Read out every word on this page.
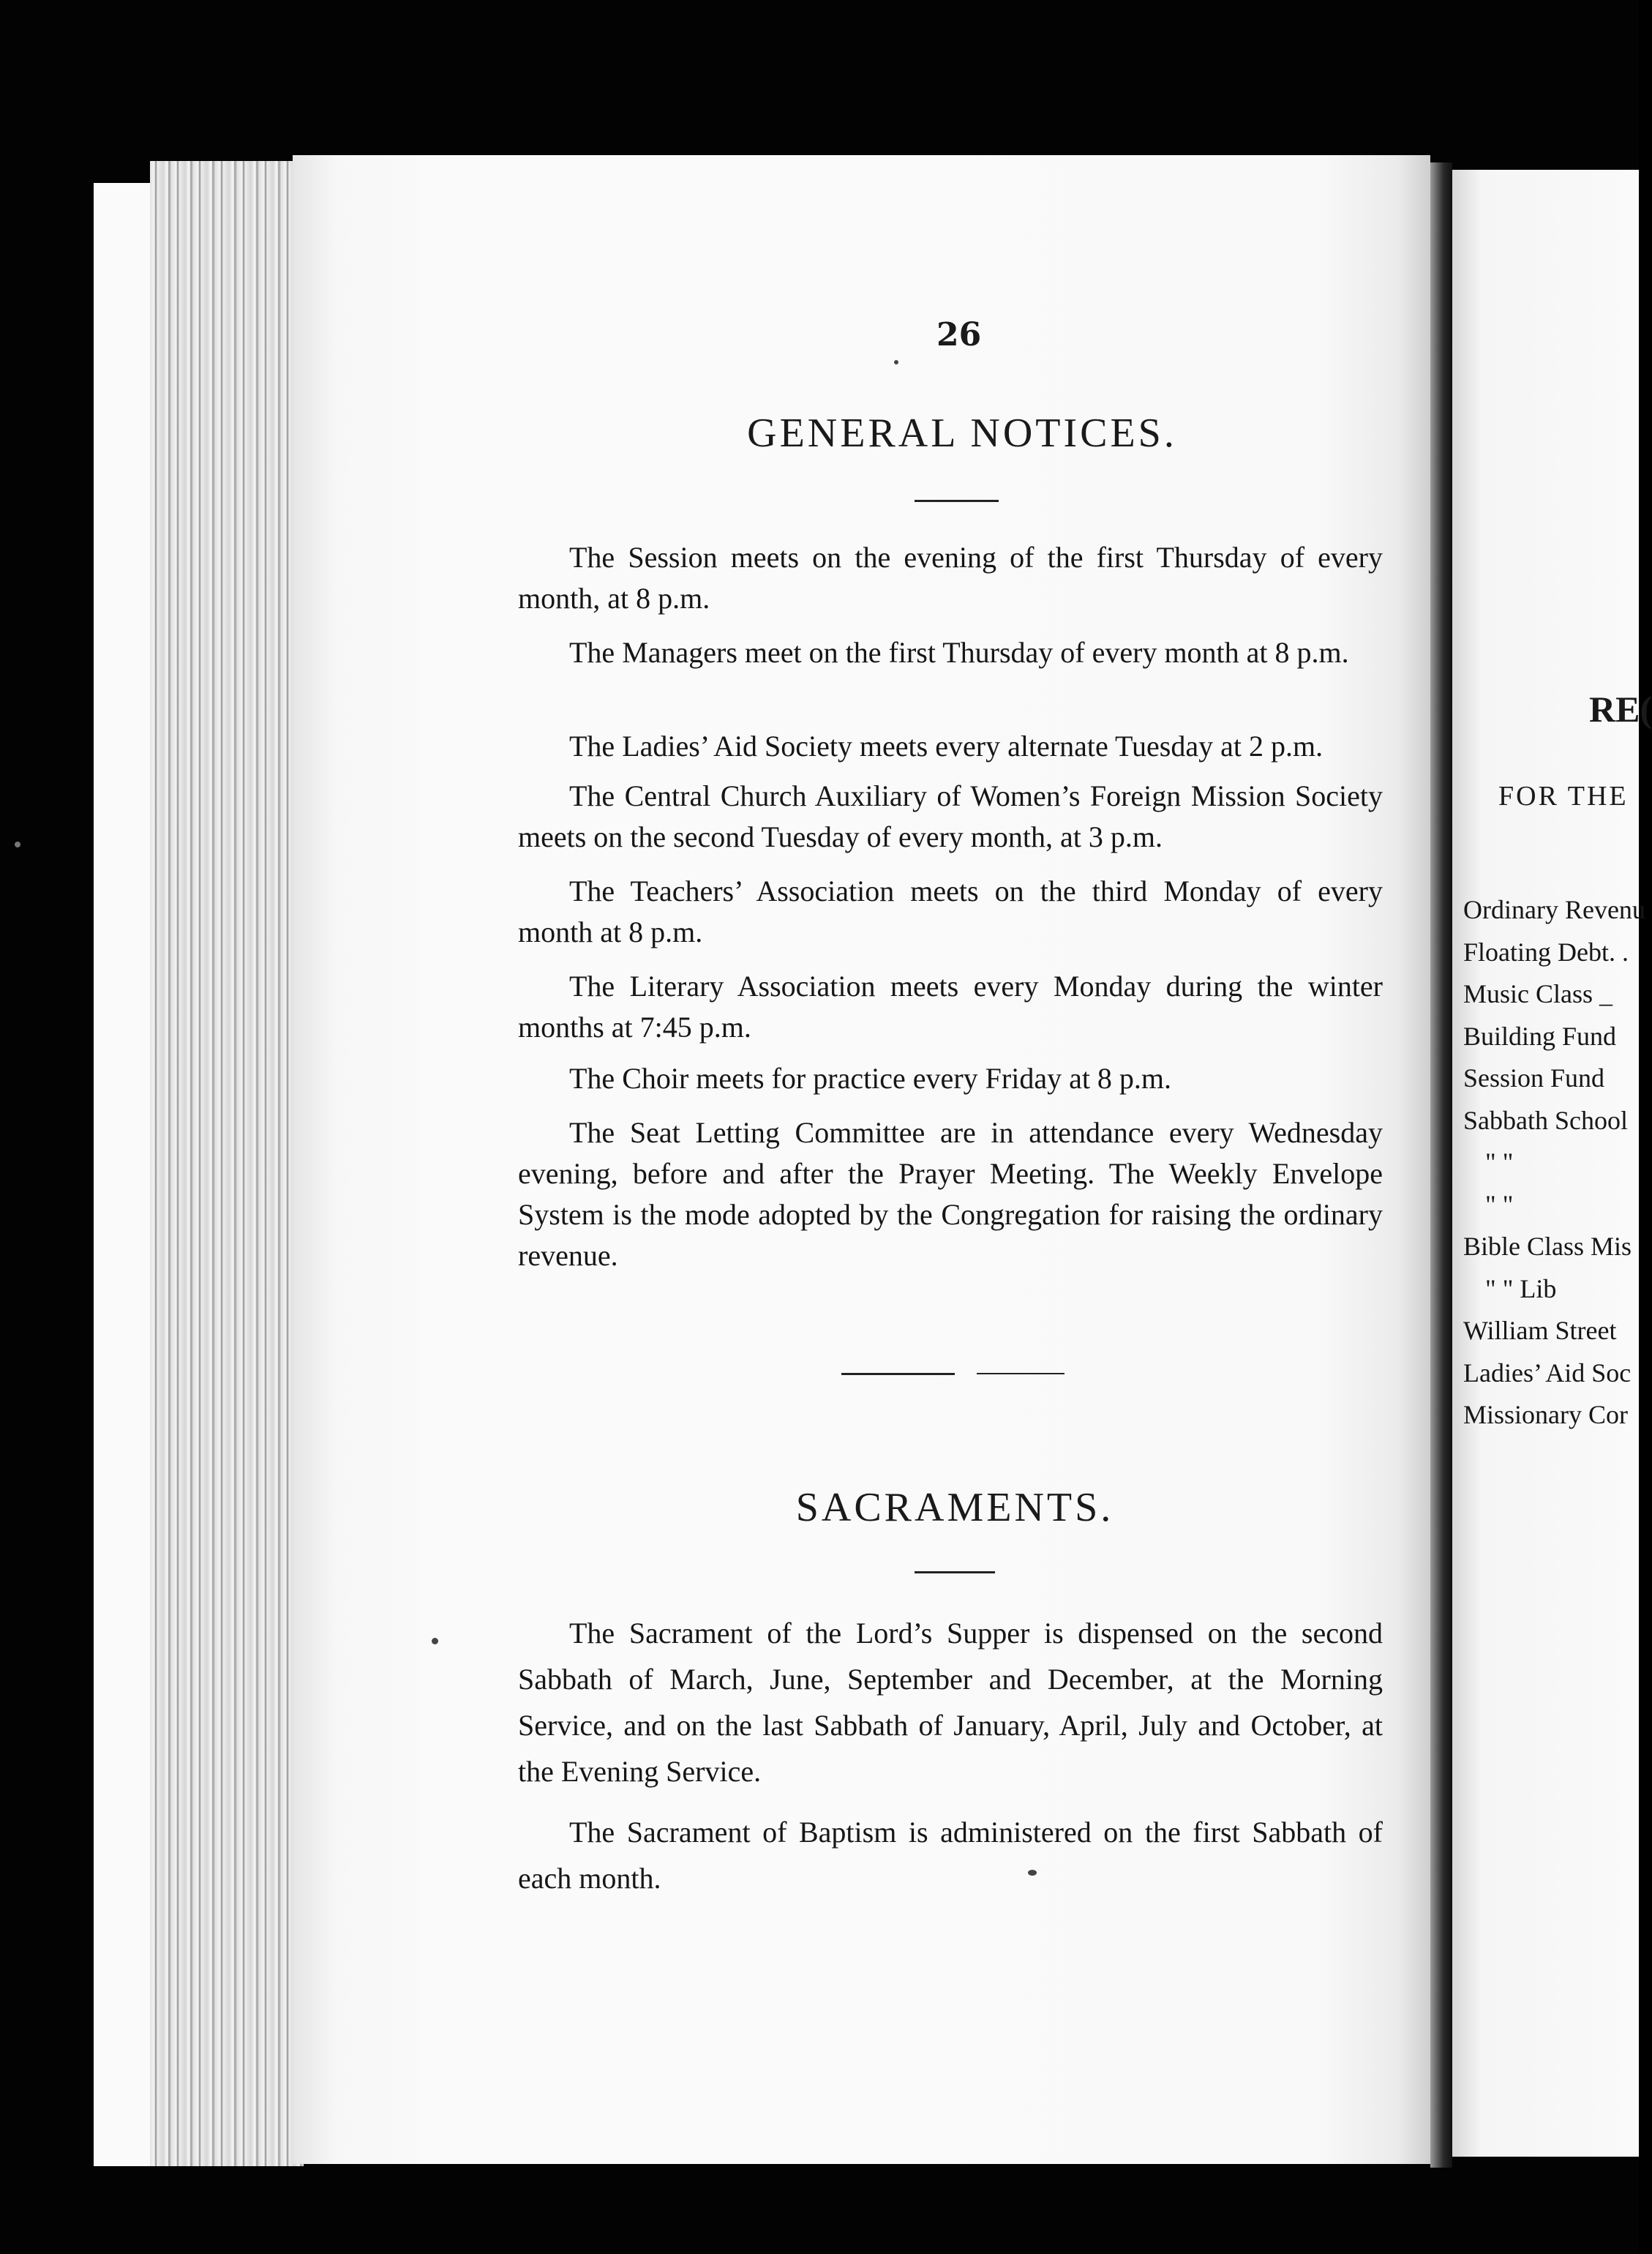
26
GENERAL NOTICES.
The Session meets on the evening of the first Thursday of every month, at 8 p.m.
The Managers meet on the first Thursday of every month at 8 p.m.
The Ladies’ Aid Society meets every alternate Tuesday at 2 p.m.
The Central Church Auxiliary of Women’s Foreign Mission Society meets on the second Tuesday of every month, at 3 p.m.
The Teachers’ Association meets on the third Monday of every month at 8 p.m.
The Literary Association meets every Monday during the winter months at 7:45 p.m.
The Choir meets for practice every Friday at 8 p.m.
The Seat Letting Committee are in attendance every Wednesday evening, before and after the Prayer Meeting. The Weekly Envelope System is the mode adopted by the Congregation for raising the ordinary revenue.
SACRAMENTS.
The Sacrament of the Lord’s Supper is dispensed on the second Sabbath of March, June, September and December, at the Morning Service, and on the last Sabbath of January, April, July and October, at the Evening Service.
The Sacrament of Baptism is administered on the first Sabbath of each month.
RE(
FOR THE
Ordinary Revenu
Floating Debt. .
Music Class _
Building Fund
Session Fund
Sabbath School
" "
" "
Bible Class Mis
" " Lib
William Street
Ladies’ Aid Soc
Missionary Cor
